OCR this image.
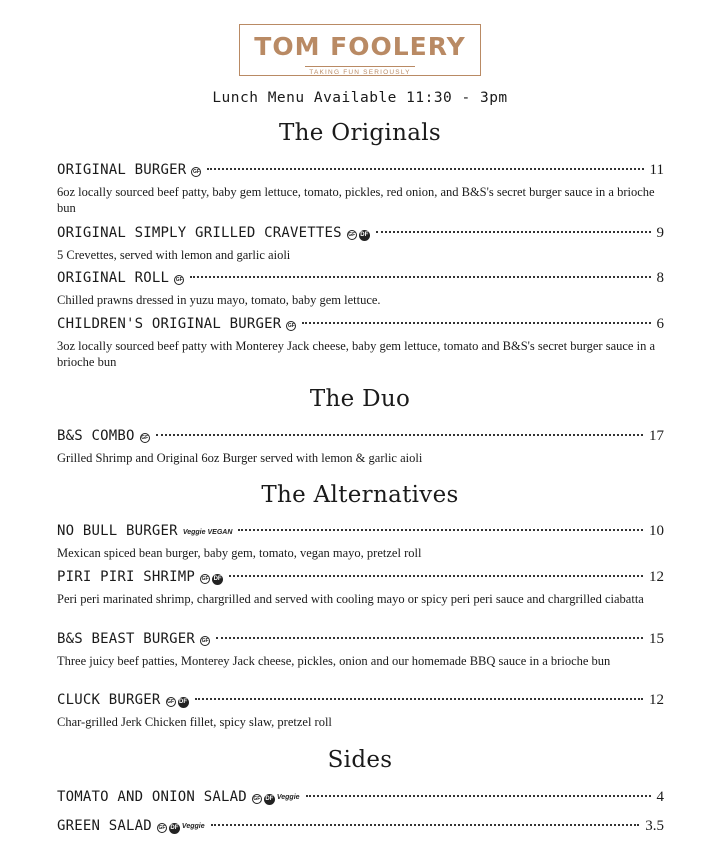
TOM FOOLERY
TAKING FUN SERIOUSLY
Lunch Menu Available 11:30 - 3pm
The Originals
ORIGINAL BURGER	GF	11
6oz locally sourced beef patty, baby gem lettuce, tomato, pickles, red onion, and B&S's secret burger sauce in a brioche bun
ORIGINAL SIMPLY GRILLED CRAVETTES	GF DF	9
5 Crevettes, served with lemon and garlic aioli
ORIGINAL ROLL	GF	8
Chilled prawns dressed in yuzu mayo, tomato, baby gem lettuce.
CHILDREN'S ORIGINAL BURGER	GF	6
3oz locally sourced beef patty with Monterey Jack cheese, baby gem lettuce, tomato and B&S's secret burger sauce in a brioche bun
The Duo
B&S COMBO	GF	17
Grilled Shrimp and Original 6oz Burger served with lemon & garlic aioli
The Alternatives
NO BULL BURGER Veggie VEGAN	10
Mexican spiced bean burger, baby gem, tomato, vegan mayo, pretzel roll
PIRI PIRI SHRIMP	GF DF	12
Peri peri marinated shrimp, chargrilled and served with cooling mayo or spicy peri peri sauce and chargrilled ciabatta
B&S BEAST BURGER	GF	15
Three juicy beef patties, Monterey Jack cheese, pickles, onion and our homemade BBQ sauce in a brioche bun
CLUCK BURGER	GF DF	12
Char-grilled Jerk Chicken fillet, spicy slaw, pretzel roll
Sides
TOMATO AND ONION SALAD	GF DF Veggie	4
GREEN SALAD	GF DF Veggie	3.5
